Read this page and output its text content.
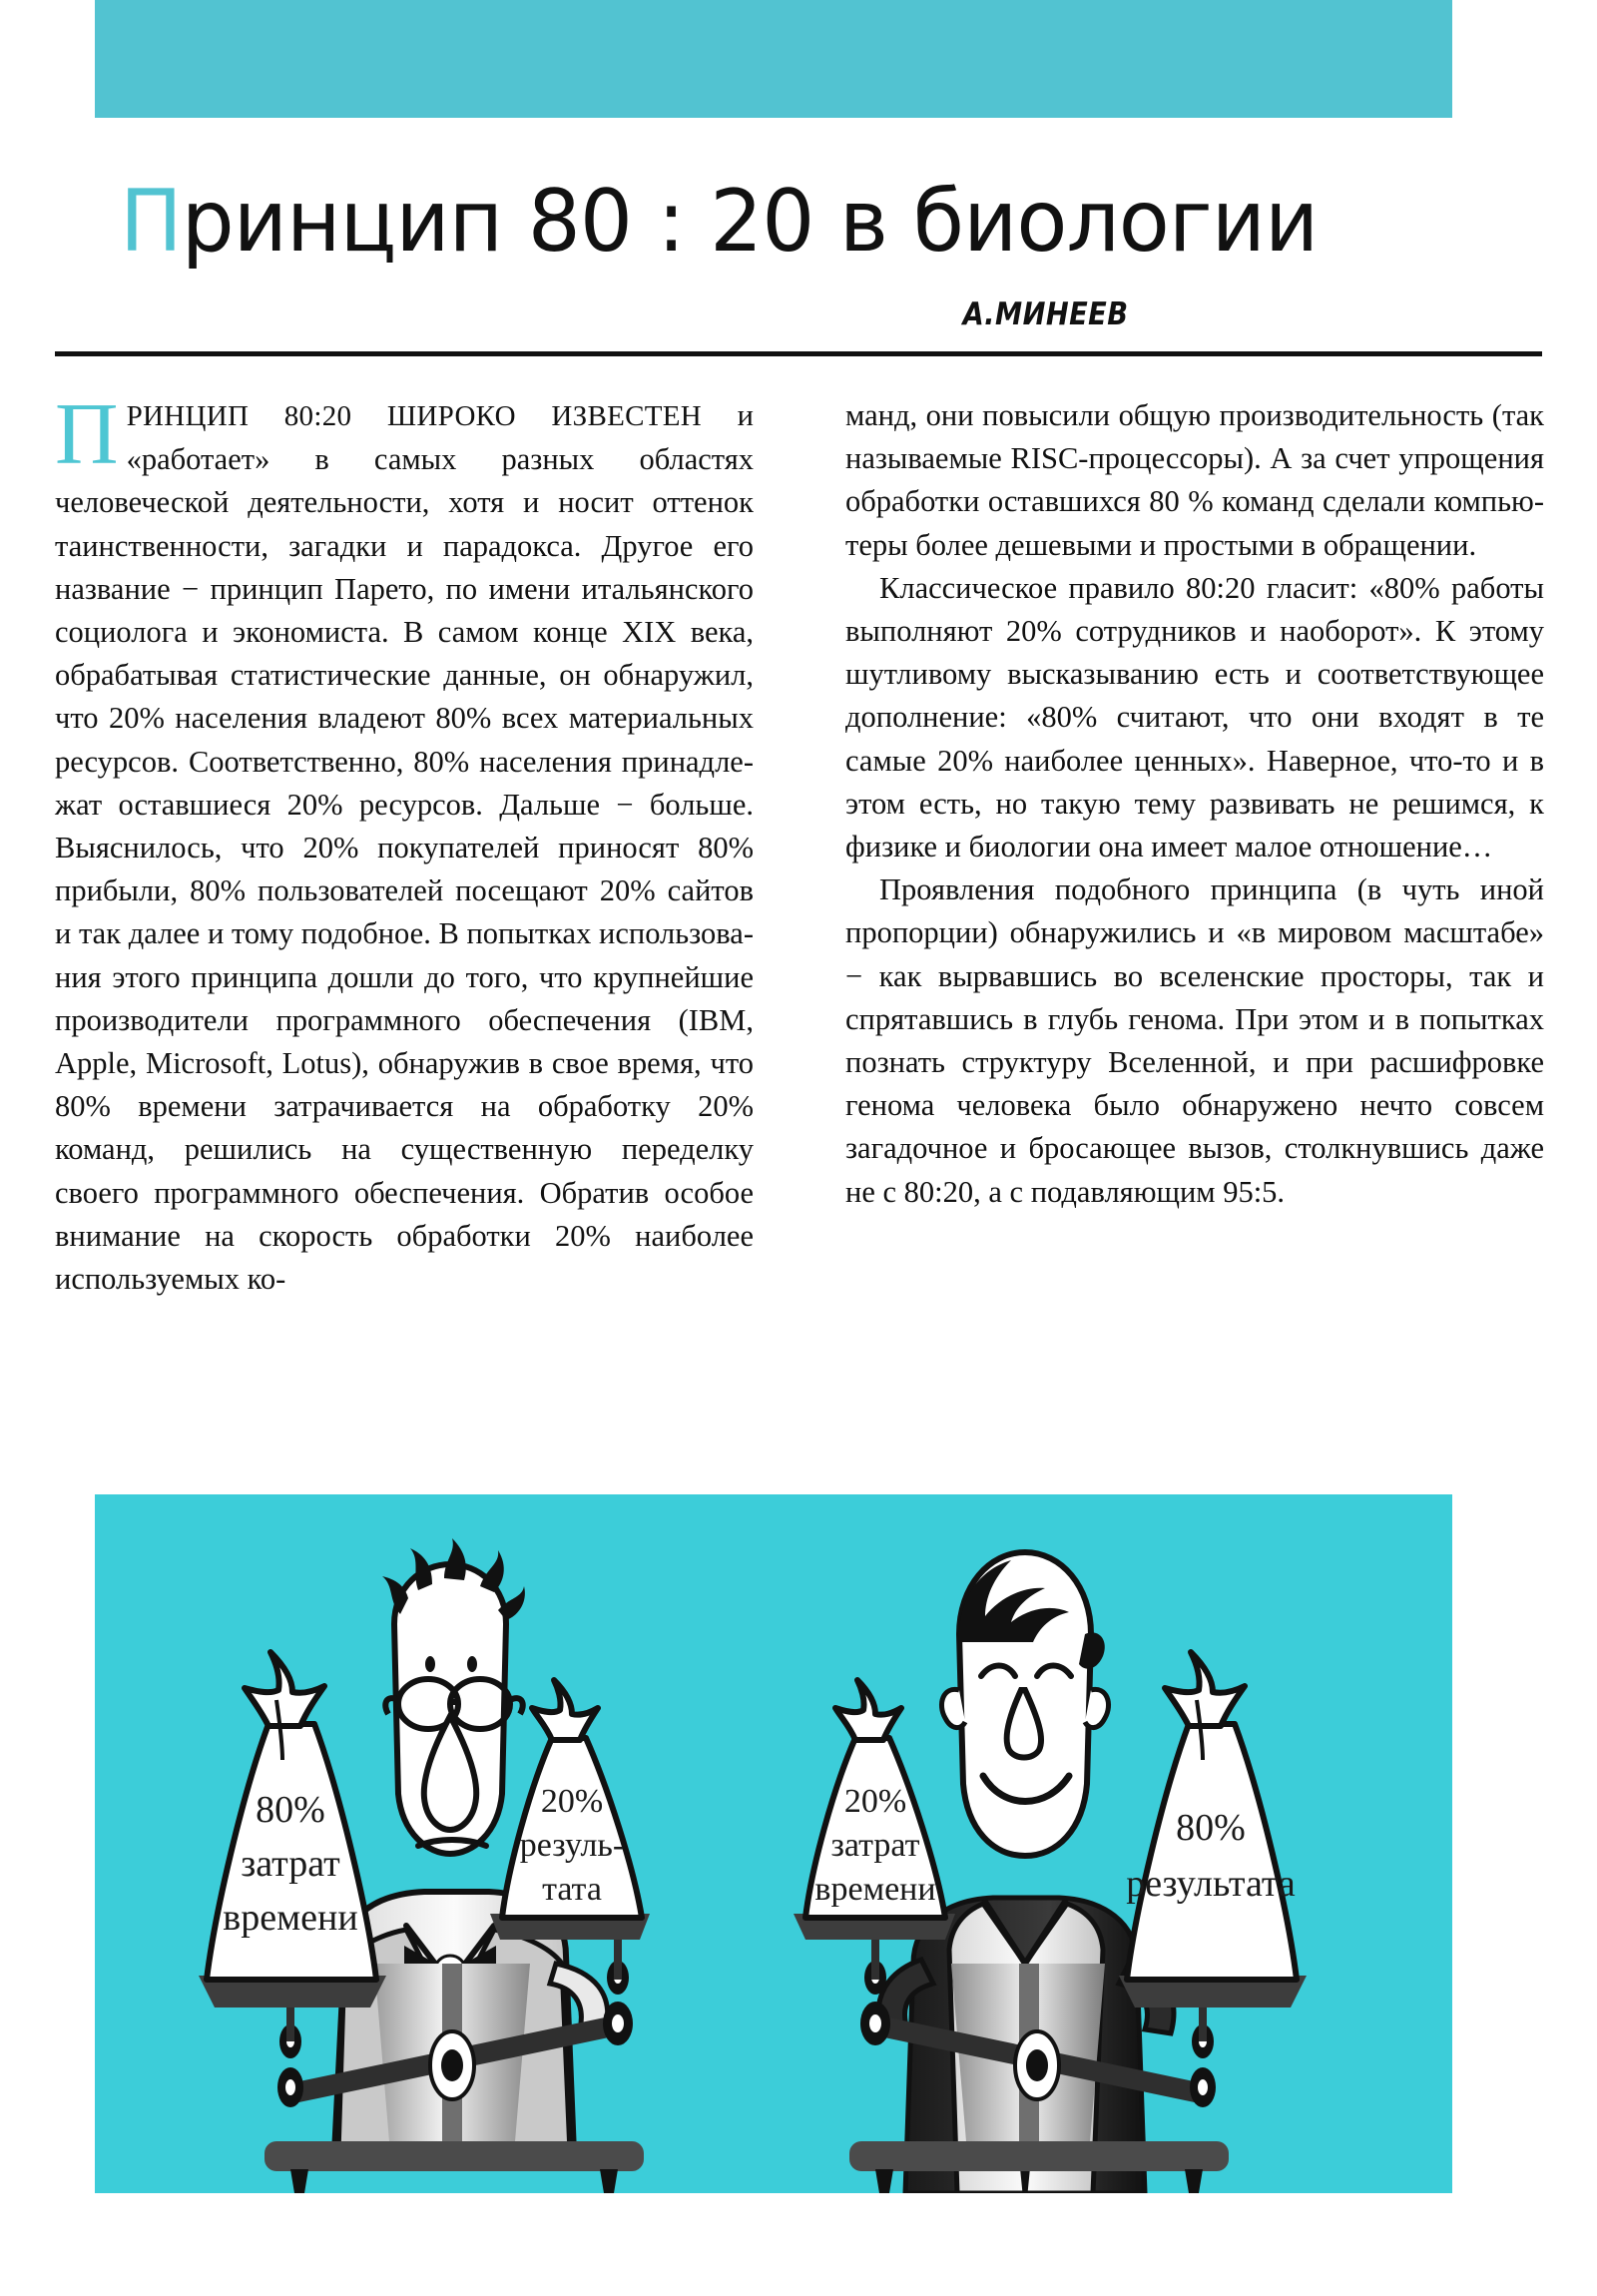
Принцип 80 : 20 в биологии
А.МИНЕЕВ

ПРИНЦИП 80:20 ШИРОКО ИЗВЕСТЕН и «работает» в самых разных областях человеческой деятельности, хотя и носит оттенок таинственности, загадки и парадокса. Другое его название − принцип Парето, по имени итальянского социолога и экономиста. В самом конце XIX века, обрабатывая статистические данные, он обнаружил, что 20% населения владеют 80% всех материальных ресурсов. Соответственно, 80% населения принадлежат оставшиеся 20% ресурсов. Дальше − больше. Выяснилось, что 20% покупателей приносят 80% прибыли, 80% пользователей посещают 20% сайтов и так далее и тому подобное. В попытках использования этого принципа дошли до того, что крупнейшие производители программного обеспечения (IBM, Apple, Microsoft, Lotus), обнаружив в свое время, что 80% времени затрачивается на обработку 20% команд, решились на существенную переделку своего программного обеспечения. Обратив особое внимание на скорость обработки 20% наиболее используемых ко-

манд, они повысили общую производительность (так называемые RISC-процессоры). А за счет упрощения обработки оставшихся 80 % команд сделали компьютеры более дешевыми и простыми в обращении.

Классическое правило 80:20 гласит: «80% работы выполняют 20% сотрудников и наоборот». К этому шутливому высказыванию есть и соответствующее дополнение: «80% считают, что они входят в те самые 20% наиболее ценных». Наверное, что-то и в этом есть, но такую тему развивать не решимся, к физике и биологии она имеет малое отношение…

Проявления подобного принципа (в чуть иной пропорции) обнаружились и «в мировом масштабе» − как вырвавшись во вселенские просторы, так и спрятавшись в глубь генома. При этом и в попытках познать структуру Вселенной, и при расшифровке генома человека было обнаружено нечто совсем загадочное и бросающее вызов, столкнувшись даже не с 80:20, а с подавляющим 95:5.

80%
затрат
времени
20%
резуль-
тата
20%
затрат
времени
80%
результата
